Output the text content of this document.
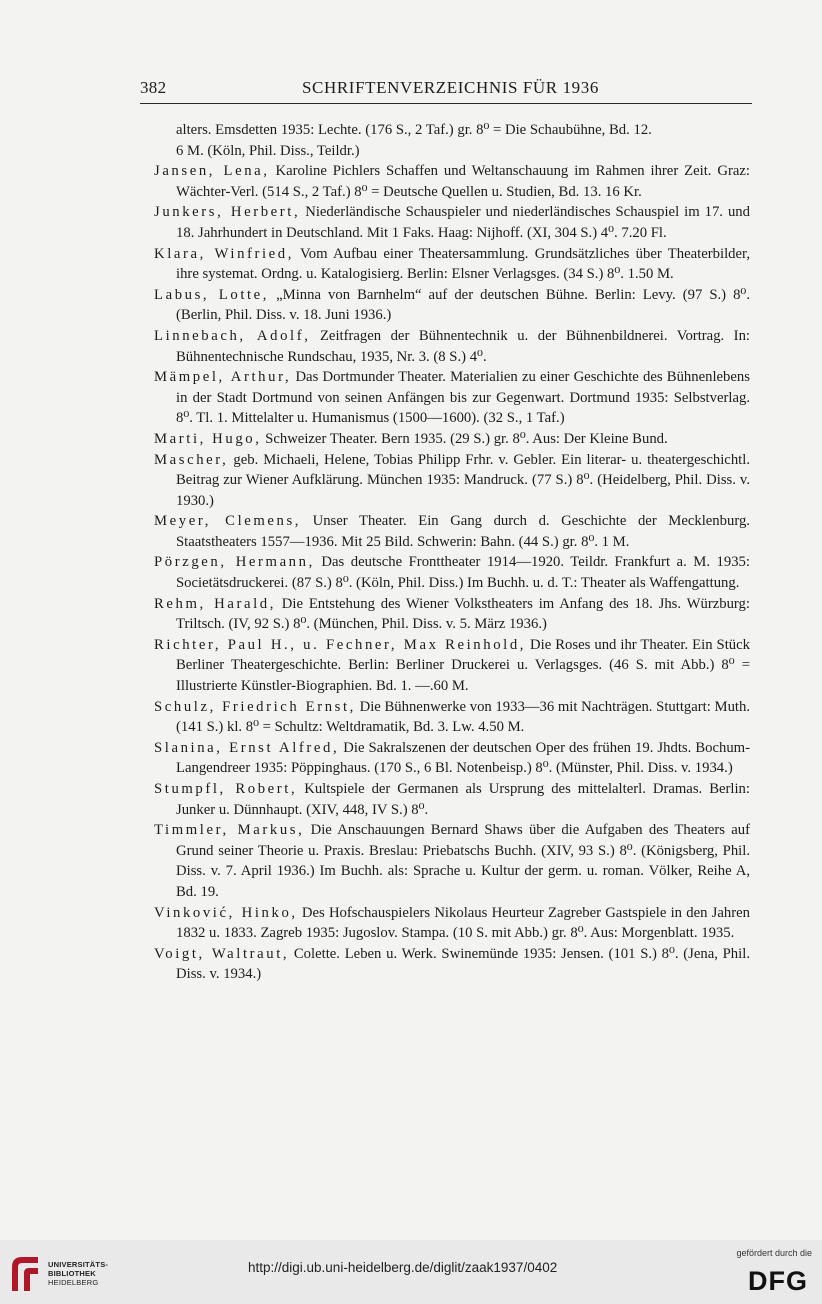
382	SCHRIFTENVERZEICHNIS FÜR 1936

alters. Emsdetten 1935: Lechte. (176 S., 2 Taf.) gr. 8⁰ = Die Schaubühne, Bd. 12.

6 M. (Köln, Phil. Diss., Teildr.)

Jansen, Lena, Karoline Pichlers Schaffen und Weltanschauung im Rahmen ihrer Zeit. Graz: Wächter-Verl. (514 S., 2 Taf.) 8⁰ = Deutsche Quellen u. Studien, Bd. 13. 16 Kr.

Junkers, Herbert, Niederländische Schauspieler und niederländisches Schauspiel im 17. und 18. Jahrhundert in Deutschland. Mit 1 Faks. Haag: Nijhoff. (XI, 304 S.) 4⁰. 7.20 Fl.

Klara, Winfried, Vom Aufbau einer Theatersammlung. Grundsätzliches über Theaterbilder, ihre systemat. Ordng. u. Katalogisierg. Berlin: Elsner Verlagsges. (34 S.) 8⁰. 1.50 M.

Labus, Lotte, „Minna von Barnhelm“ auf der deutschen Bühne. Berlin: Levy. (97 S.) 8⁰. (Berlin, Phil. Diss. v. 18. Juni 1936.)

Linnebach, Adolf, Zeitfragen der Bühnentechnik u. der Bühnenbildnerei. Vortrag. In: Bühnentechnische Rundschau, 1935, Nr. 3. (8 S.) 4⁰.

Mämpel, Arthur, Das Dortmunder Theater. Materialien zu einer Geschichte des Bühnenlebens in der Stadt Dortmund von seinen Anfängen bis zur Gegenwart. Dortmund 1935: Selbstverlag. 8⁰. Tl. 1. Mittelalter u. Humanismus (1500—1600). (32 S., 1 Taf.)

Marti, Hugo, Schweizer Theater. Bern 1935. (29 S.) gr. 8⁰. Aus: Der Kleine Bund.

Mascher, geb. Michaeli, Helene, Tobias Philipp Frhr. v. Gebler. Ein literar- u. theatergeschichtl. Beitrag zur Wiener Aufklärung. München 1935: Mandruck. (77 S.) 8⁰. (Heidelberg, Phil. Diss. v. 1930.)

Meyer, Clemens, Unser Theater. Ein Gang durch d. Geschichte der Mecklenburg. Staatstheaters 1557—1936. Mit 25 Bild. Schwerin: Bahn. (44 S.) gr. 8⁰. 1 M.

Pörzgen, Hermann, Das deutsche Fronttheater 1914—1920. Teildr. Frankfurt a. M. 1935: Societätsdruckerei. (87 S.) 8⁰. (Köln, Phil. Diss.) Im Buchh. u. d. T.: Theater als Waffengattung.

Rehm, Harald, Die Entstehung des Wiener Volkstheaters im Anfang des 18. Jhs. Würzburg: Triltsch. (IV, 92 S.) 8⁰. (München, Phil. Diss. v. 5. März 1936.)

Richter, Paul H., u. Fechner, Max Reinhold, Die Roses und ihr Theater. Ein Stück Berliner Theatergeschichte. Berlin: Berliner Druckerei u. Verlagsges. (46 S. mit Abb.) 8⁰ = Illustrierte Künstler-Biographien. Bd. 1. —.60 M.

Schulz, Friedrich Ernst, Die Bühnenwerke von 1933—36 mit Nachträgen. Stuttgart: Muth. (141 S.) kl. 8⁰ = Schultz: Weltdramatik, Bd. 3. Lw. 4.50 M.

Slanina, Ernst Alfred, Die Sakralszenen der deutschen Oper des frühen 19. Jhdts. Bochum-Langendreer 1935: Pöppinghaus. (170 S., 6 Bl. Notenbeisp.) 8⁰. (Münster, Phil. Diss. v. 1934.)

Stumpfl, Robert, Kultspiele der Germanen als Ursprung des mittelalterl. Dramas. Berlin: Junker u. Dünnhaupt. (XIV, 448, IV S.) 8⁰.

Timmler, Markus, Die Anschauungen Bernard Shaws über die Aufgaben des Theaters auf Grund seiner Theorie u. Praxis. Breslau: Priebatschs Buchh. (XIV, 93 S.) 8⁰. (Königsberg, Phil. Diss. v. 7. April 1936.) Im Buchh. als: Sprache u. Kultur der germ. u. roman. Völker, Reihe A, Bd. 19.

Vinković, Hinko, Des Hofschauspielers Nikolaus Heurteur Zagreber Gastspiele in den Jahren 1832 u. 1833. Zagreb 1935: Jugoslov. Stampa. (10 S. mit Abb.) gr. 8⁰. Aus: Morgenblatt. 1935.

Voigt, Waltraut, Colette. Leben u. Werk. Swinemünde 1935: Jensen. (101 S.) 8⁰. (Jena, Phil. Diss. v. 1934.)

UNIVERSITÄTS-
BIBLIOTHEK
HEIDELBERG
http://digi.ub.uni-heidelberg.de/diglit/zaak1937/0402
gefördert durch die
DFG
